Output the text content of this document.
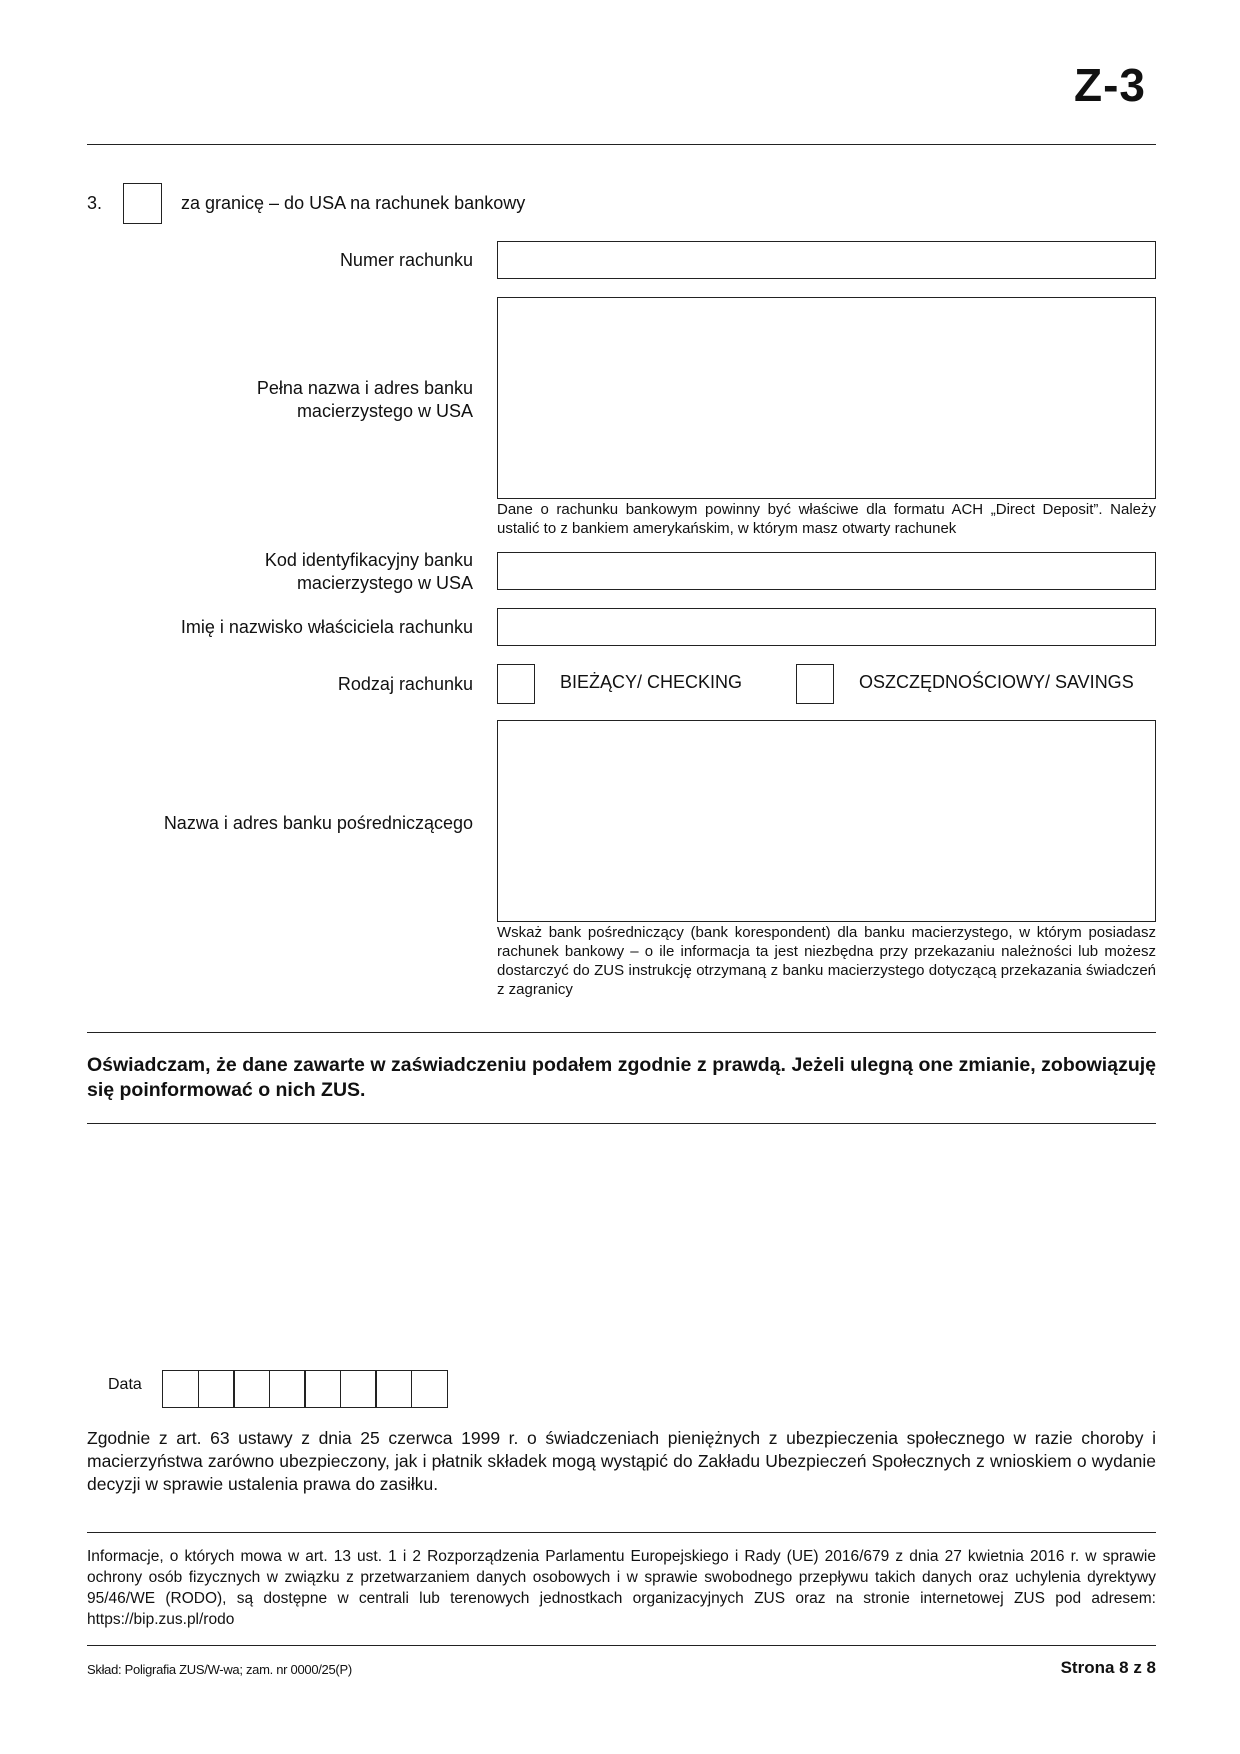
Z-3
3.	za granicę – do USA na rachunek bankowy
Numer rachunku
Pełna nazwa i adres banku
macierzystego w USA
Dane o rachunku bankowym powinny być właściwe dla formatu ACH „Direct Deposit”. Należy ustalić to z bankiem amerykańskim, w którym masz otwarty rachunek
Kod identyfikacyjny banku
macierzystego w USA
Imię i nazwisko właściciela rachunku
Rodzaj rachunku	BIEŻĄCY/ CHECKING	OSZCZĘDNOŚCIOWY/ SAVINGS
Nazwa i adres banku pośredniczącego
Wskaż bank pośredniczący (bank korespondent) dla banku macierzystego, w którym posiadasz rachunek bankowy – o ile informacja ta jest niezbędna przy przekazaniu należności lub możesz dostarczyć do ZUS instrukcję otrzymaną z banku macierzystego dotyczącą przekazania świadczeń z zagranicy
Oświadczam, że dane zawarte w zaświadczeniu podałem zgodnie z prawdą. Jeżeli ulegną one zmianie, zobowiązuję się poinformować o nich ZUS.
Data
Zgodnie z art. 63 ustawy z dnia 25 czerwca 1999 r. o świadczeniach pieniężnych z ubezpieczenia społecznego w razie choroby i macierzyństwa zarówno ubezpieczony, jak i płatnik składek mogą wystąpić do Zakładu Ubezpieczeń Społecznych z wnioskiem o wydanie decyzji w sprawie ustalenia prawa do zasiłku.
Informacje, o których mowa w art. 13 ust. 1 i 2 Rozporządzenia Parlamentu Europejskiego i Rady (UE) 2016/679 z dnia 27 kwietnia 2016 r. w sprawie ochrony osób fizycznych w związku z przetwarzaniem danych osobowych i w sprawie swobodnego przepływu takich danych oraz uchylenia dyrektywy 95/46/WE (RODO), są dostępne w centrali lub terenowych jednostkach organizacyjnych ZUS oraz na stronie internetowej ZUS pod adresem: https://bip.zus.pl/rodo
Skład: Poligrafia ZUS/W-wa; zam. nr 0000/25(P)	Strona 8 z 8
